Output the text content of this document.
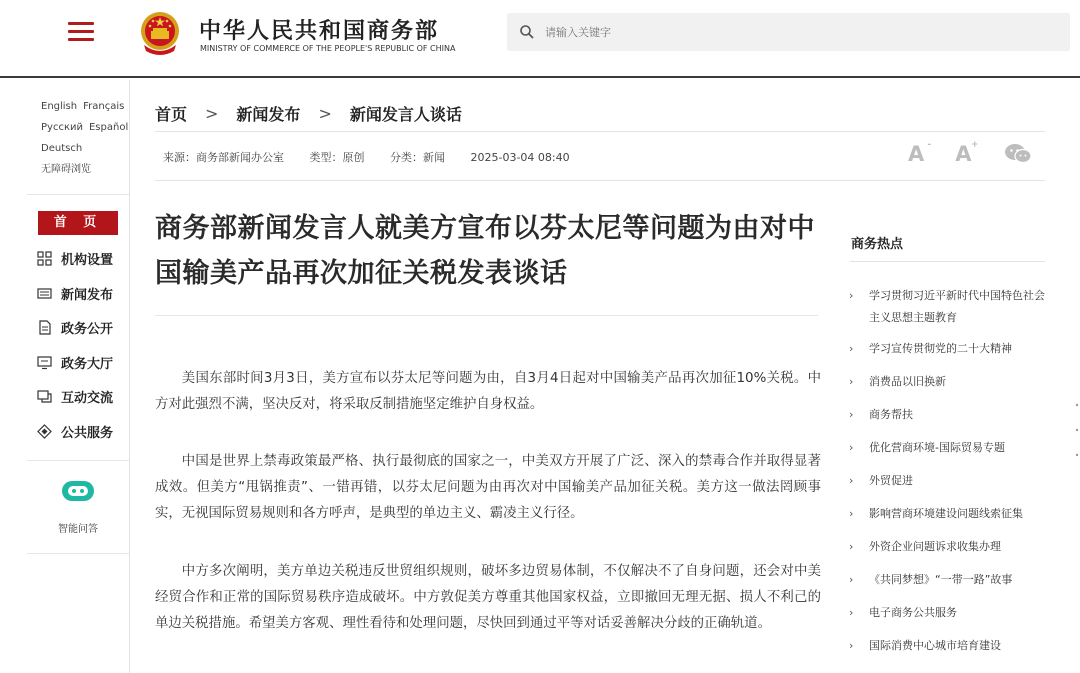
中华人民共和国商务部
MINISTRY OF COMMERCE OF THE PEOPLE'S REPUBLIC OF CHINA
请输入关键字
English Français
Русский Español
Deutsch
无障碍浏览
首 页
机构设置
新闻发布
政务公开
政务大厅
互动交流
公共服务
智能问答
首页 > 新闻发布 > 新闻发言人谈话
来源：商务部新闻办公室 类型：原创 分类：新闻 2025-03-04 08:40	A - A +
商务部新闻发言人就美方宣布以芬太尼等问题为由对中国输美产品再次加征关税发表谈话

美国东部时间3月3日，美方宣布以芬太尼等问题为由，自3月4日起对中国输美产品再次加征10%关税。中方对此强烈不满，坚决反对，将采取反制措施坚定维护自身权益。

中国是世界上禁毒政策最严格、执行最彻底的国家之一，中美双方开展了广泛、深入的禁毒合作并取得显著成效。但美方“甩锅推责”、一错再错，以芬太尼问题为由再次对中国输美产品加征关税。美方这一做法罔顾事实，无视国际贸易规则和各方呼声，是典型的单边主义、霸凌主义行径。

中方多次阐明，美方单边关税违反世贸组织规则，破坏多边贸易体制，不仅解决不了自身问题，还会对中美经贸合作和正常的国际贸易秩序造成破坏。中方敦促美方尊重其他国家权益，立即撤回无理无据、损人不利己的单边关税措施。希望美方客观、理性看待和处理问题，尽快回到通过平等对话妥善解决分歧的正确轨道。

商务热点
› 学习贯彻习近平新时代中国特色社会主义思想主题教育
› 学习宣传贯彻党的二十大精神
› 消费品以旧换新
› 商务帮扶
› 优化营商环境-国际贸易专题
› 外贸促进
› 影响营商环境建设问题线索征集
› 外资企业问题诉求收集办理
› 《共同梦想》“一带一路”故事
› 电子商务公共服务
› 国际消费中心城市培育建设
